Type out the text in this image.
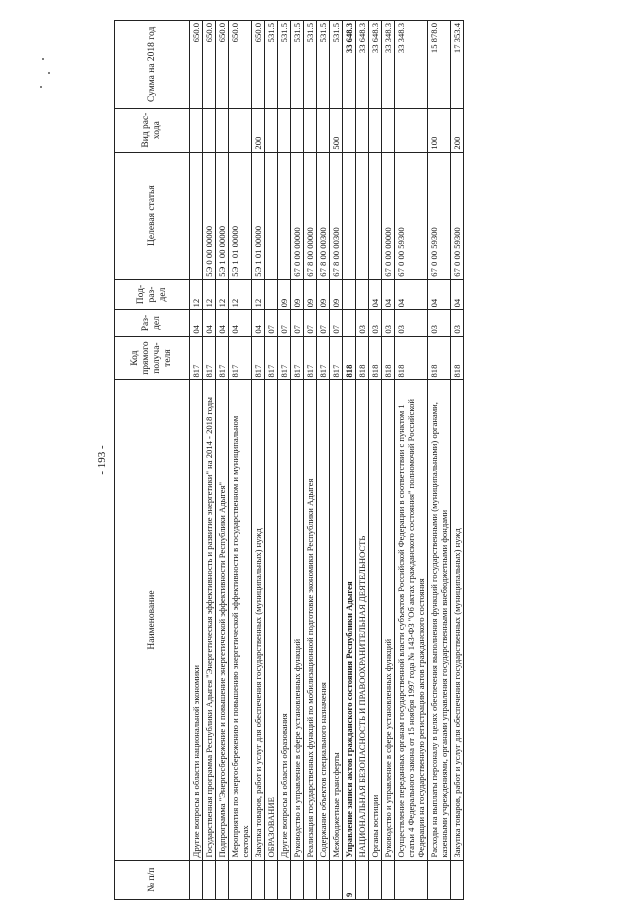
- 193 -
№ п/п	Наименование	Код прямого получа-теля	Раз-дел	Под-раз-дел	Целевая статья	Вид рас-хода	Сумма на 2018 год
	Другие вопросы в области национальной экономики	817	04	12			650.0
	Государственная программа Республики Адыгея "Энергетическая эффективность и развитие энергетики" на 2014 - 2018 годы	817	04	12	5Э 0 00 00000		650.0
	Подпрограмма "Энергосбережение и повышение энергетической эффективности Республики Адыгея"	817	04	12	5Э 1 00 00000		650.0
	Мероприятия по энергосбережению и повышению энергетической эффективности в государственном и муниципальном секторах	817	04	12	5Э 1 01 00000		650.0
	Закупка товаров, работ и услуг для обеспечения государственных (муниципальных) нужд	817	04	12	5Э 1 01 00000	200	650.0
	ОБРАЗОВАНИЕ	817	07				531.5
	Другие вопросы в области образования	817	07	09			531.5
	Руководство и управление в сфере установленных функций	817	07	09	67 0 00 00000		531.5
	Реализация государственных функций по мобилизационной подготовке экономики Республики Адыгея	817	07	09	67 8 00 00000		531.5
	Содержание объектов специального назначения	817	07	09	67 8 00 00300		531.5
	Межбюджетные трансферты	817	07	09	67 8 00 00300	500	531.5
9	Управление записи актов гражданского состояния Республики Адыгея	818					33 648.3
	НАЦИОНАЛЬНАЯ БЕЗОПАСНОСТЬ И ПРАВООХРАНИТЕЛЬНАЯ ДЕЯТЕЛЬНОСТЬ	818	03				33 648.3
	Органы юстиции	818	03	04			33 648.3
	Руководство и управление в сфере установленных функций	818	03	04	67 0 00 00000		33 348.3
	Осуществление переданных органам государственной власти субъектов Российской Федерации в соответствии с пунктом 1 статьи 4 Федерального закона от 15 ноября 1997 года № 143-ФЗ "Об актах гражданского состояния" полномочий Российской Федерации на государственную регистрацию актов гражданского состояния	818	03	04	67 0 00 59300		33 348.3
	Расходы на выплаты персоналу в целях обеспечения выполнения функций государственными (муниципальными) органами, казенными учреждениями, органами управления государственными внебюджетными фондами	818	03	04	67 0 00 59300	100	15 878.0
	Закупка товаров, работ и услуг для обеспечения государственных (муниципальных) нужд	818	03	04	67 0 00 59300	200	17 353.4
